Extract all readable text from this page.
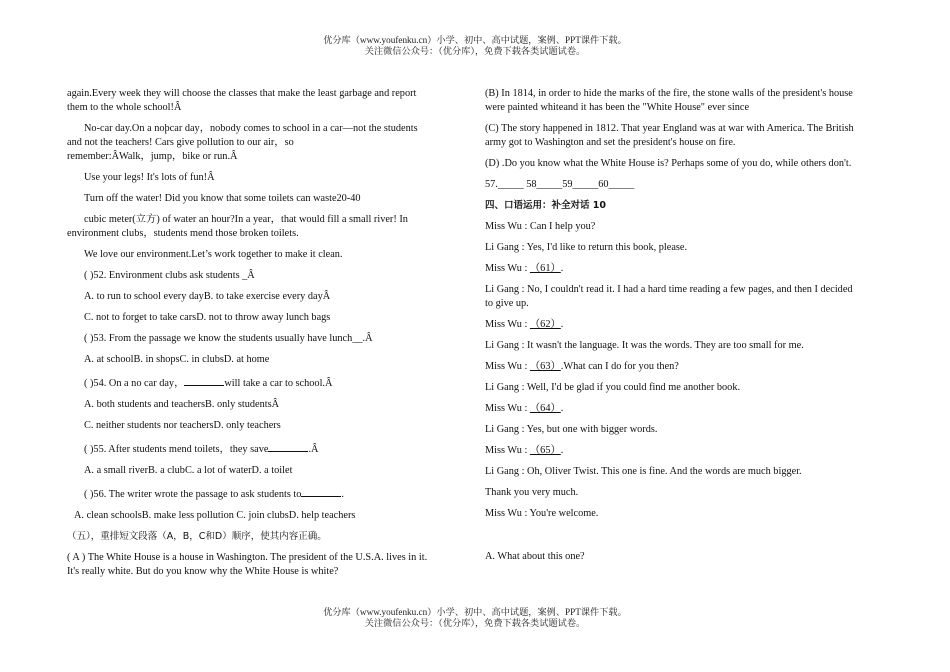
优分库（www.youfenku.cn）小学、初中、高中试题，案例、PPT课件下载。
关注微信公众号：（优分库），免费下载各类试题试卷。

again.Every week they will choose the classes that make the least garbage and report

them to the whole school!Â

No-car day.On a noþcar day，nobody comes to school in a car—not the students

and not the teachers! Cars give pollution to our air，so

remember:ÂWalk，jump，bike or run.Â

Use your legs! It's lots of fun!Â

Turn off the water! Did you know that some toilets can waste20-40

cubic meter(立方) of water an hour?In a year，that would fill a small river! In

environment clubs，students mend those broken toilets.

We love our environment.Let’s work together to make it clean.

( )52. Environment clubs ask students _Â

A. to run to school every dayB. to take exercise every dayÂ

C. not to forget to take carsD. not to throw away lunch bags

( )53. From the passage we know the students usually have lunch__.Â

A. at schoolB. in shopsC. in clubsD. at home

( )54. On a no car day，	will take a car to school.Â

A. both students and teachersB. only studentsÂ

C. neither students nor teachersD. only teachers

( )55. After students mend toilets，they save	.Â

A. a small riverB. a clubC. a lot of waterD. a toilet

( )56. The writer wrote the passage to ask students to	.

A. clean schoolsB. make less pollution C. join clubsD. help teachers

（五），重排短文段落（A，B，C和D）顺序，使其内容正确。

( A ) The White House is a house in Washington. The president of the U.S.A. lives in it.

It's really white. But do you know why the White House is white?

(B) In 1814, in order to hide the marks of the fire, the stone walls of the president's house

were painted whiteand it has been the "White House" ever since

(C) The story happened in 1812. That year England was at war with America. The British

army got to Washington and set the president's house on fire.

(D) .Do you know what the White House is? Perhaps some of you do, while others don't.

57._____ 58_____59_____60_____

四、口语运用：补全对话 10

Miss Wu : Can I help you?

Li Gang : Yes, I'd like to return this book, please.

Miss Wu : （61）.

Li Gang : No, I couldn't read it. I had a hard time reading a few pages, and then I decided

to give up.

Miss Wu : （62）.

Li Gang : It wasn't the language. It was the words. They are too small for me.

Miss Wu : （63）.What can I do for you then?

Li Gang : Well, I'd be glad if you could find me another book.

Miss Wu : （64）.

Li Gang : Yes, but one with bigger words.

Miss Wu : （65）.

Li Gang : Oh, Oliver Twist. This one is fine. And the words are much bigger.

Thank you very much.

Miss Wu : You're welcome.

A. What about this one?

优分库（www.youfenku.cn）小学、初中、高中试题，案例、PPT课件下载。
关注微信公众号：（优分库），免费下载各类试题试卷。
